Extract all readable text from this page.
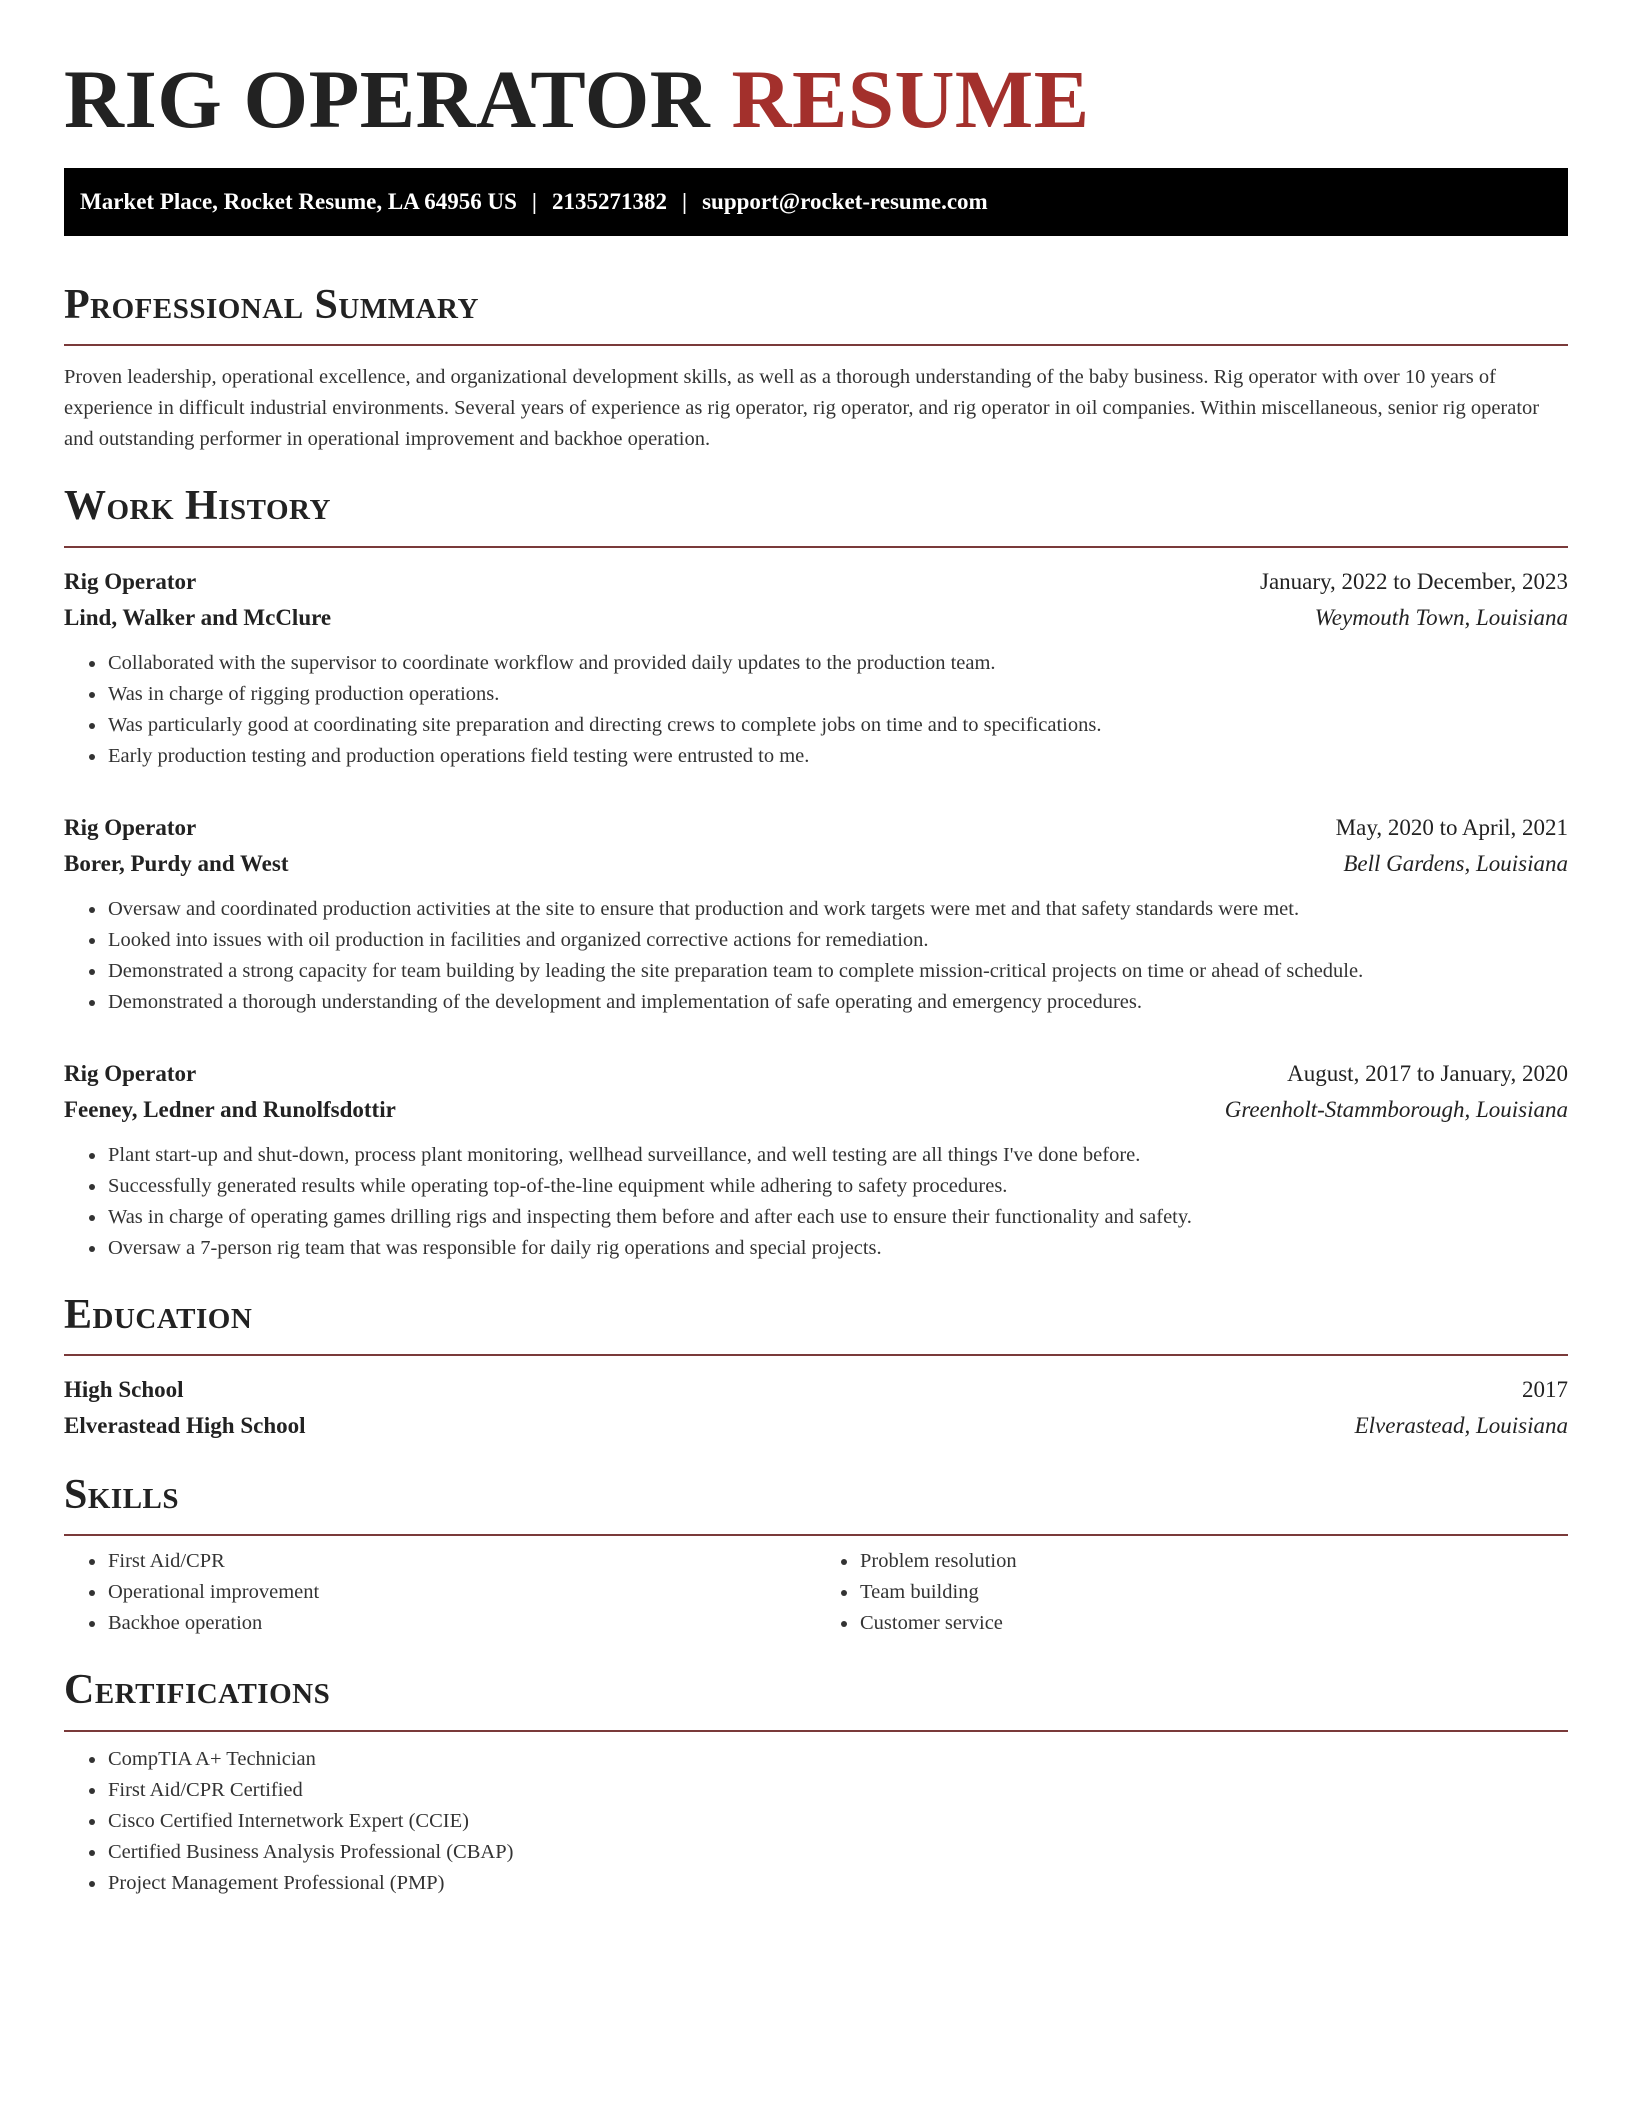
RIG OPERATOR RESUME
Market Place, Rocket Resume, LA 64956 US | 2135271382 | support@rocket-resume.com
Professional Summary

Proven leadership, operational excellence, and organizational development skills, as well as a thorough understanding of the baby business. Rig operator with over 10 years of experience in difficult industrial environments. Several years of experience as rig operator, rig operator, and rig operator in oil companies. Within miscellaneous, senior rig operator and outstanding performer in operational improvement and backhoe operation.

Work History
Rig Operator	January, 2022 to December, 2023
Lind, Walker and McClure	Weymouth Town, Louisiana
• Collaborated with the supervisor to coordinate workflow and provided daily updates to the production team.
• Was in charge of rigging production operations.
• Was particularly good at coordinating site preparation and directing crews to complete jobs on time and to specifications.
• Early production testing and production operations field testing were entrusted to me.
Rig Operator	May, 2020 to April, 2021
Borer, Purdy and West	Bell Gardens, Louisiana
• Oversaw and coordinated production activities at the site to ensure that production and work targets were met and that safety standards were met.
• Looked into issues with oil production in facilities and organized corrective actions for remediation.
• Demonstrated a strong capacity for team building by leading the site preparation team to complete mission-critical projects on time or ahead of schedule.
• Demonstrated a thorough understanding of the development and implementation of safe operating and emergency procedures.
Rig Operator	August, 2017 to January, 2020
Feeney, Ledner and Runolfsdottir	Greenholt-Stammborough, Louisiana
• Plant start-up and shut-down, process plant monitoring, wellhead surveillance, and well testing are all things I've done before.
• Successfully generated results while operating top-of-the-line equipment while adhering to safety procedures.
• Was in charge of operating games drilling rigs and inspecting them before and after each use to ensure their functionality and safety.
• Oversaw a 7-person rig team that was responsible for daily rig operations and special projects.
Education
High School	2017
Elverastead High School	Elverastead, Louisiana
Skills
• First Aid/CPR
• Operational improvement
• Backhoe operation
• Problem resolution
• Team building
• Customer service
Certifications
• CompTIA A+ Technician
• First Aid/CPR Certified
• Cisco Certified Internetwork Expert (CCIE)
• Certified Business Analysis Professional (CBAP)
• Project Management Professional (PMP)
